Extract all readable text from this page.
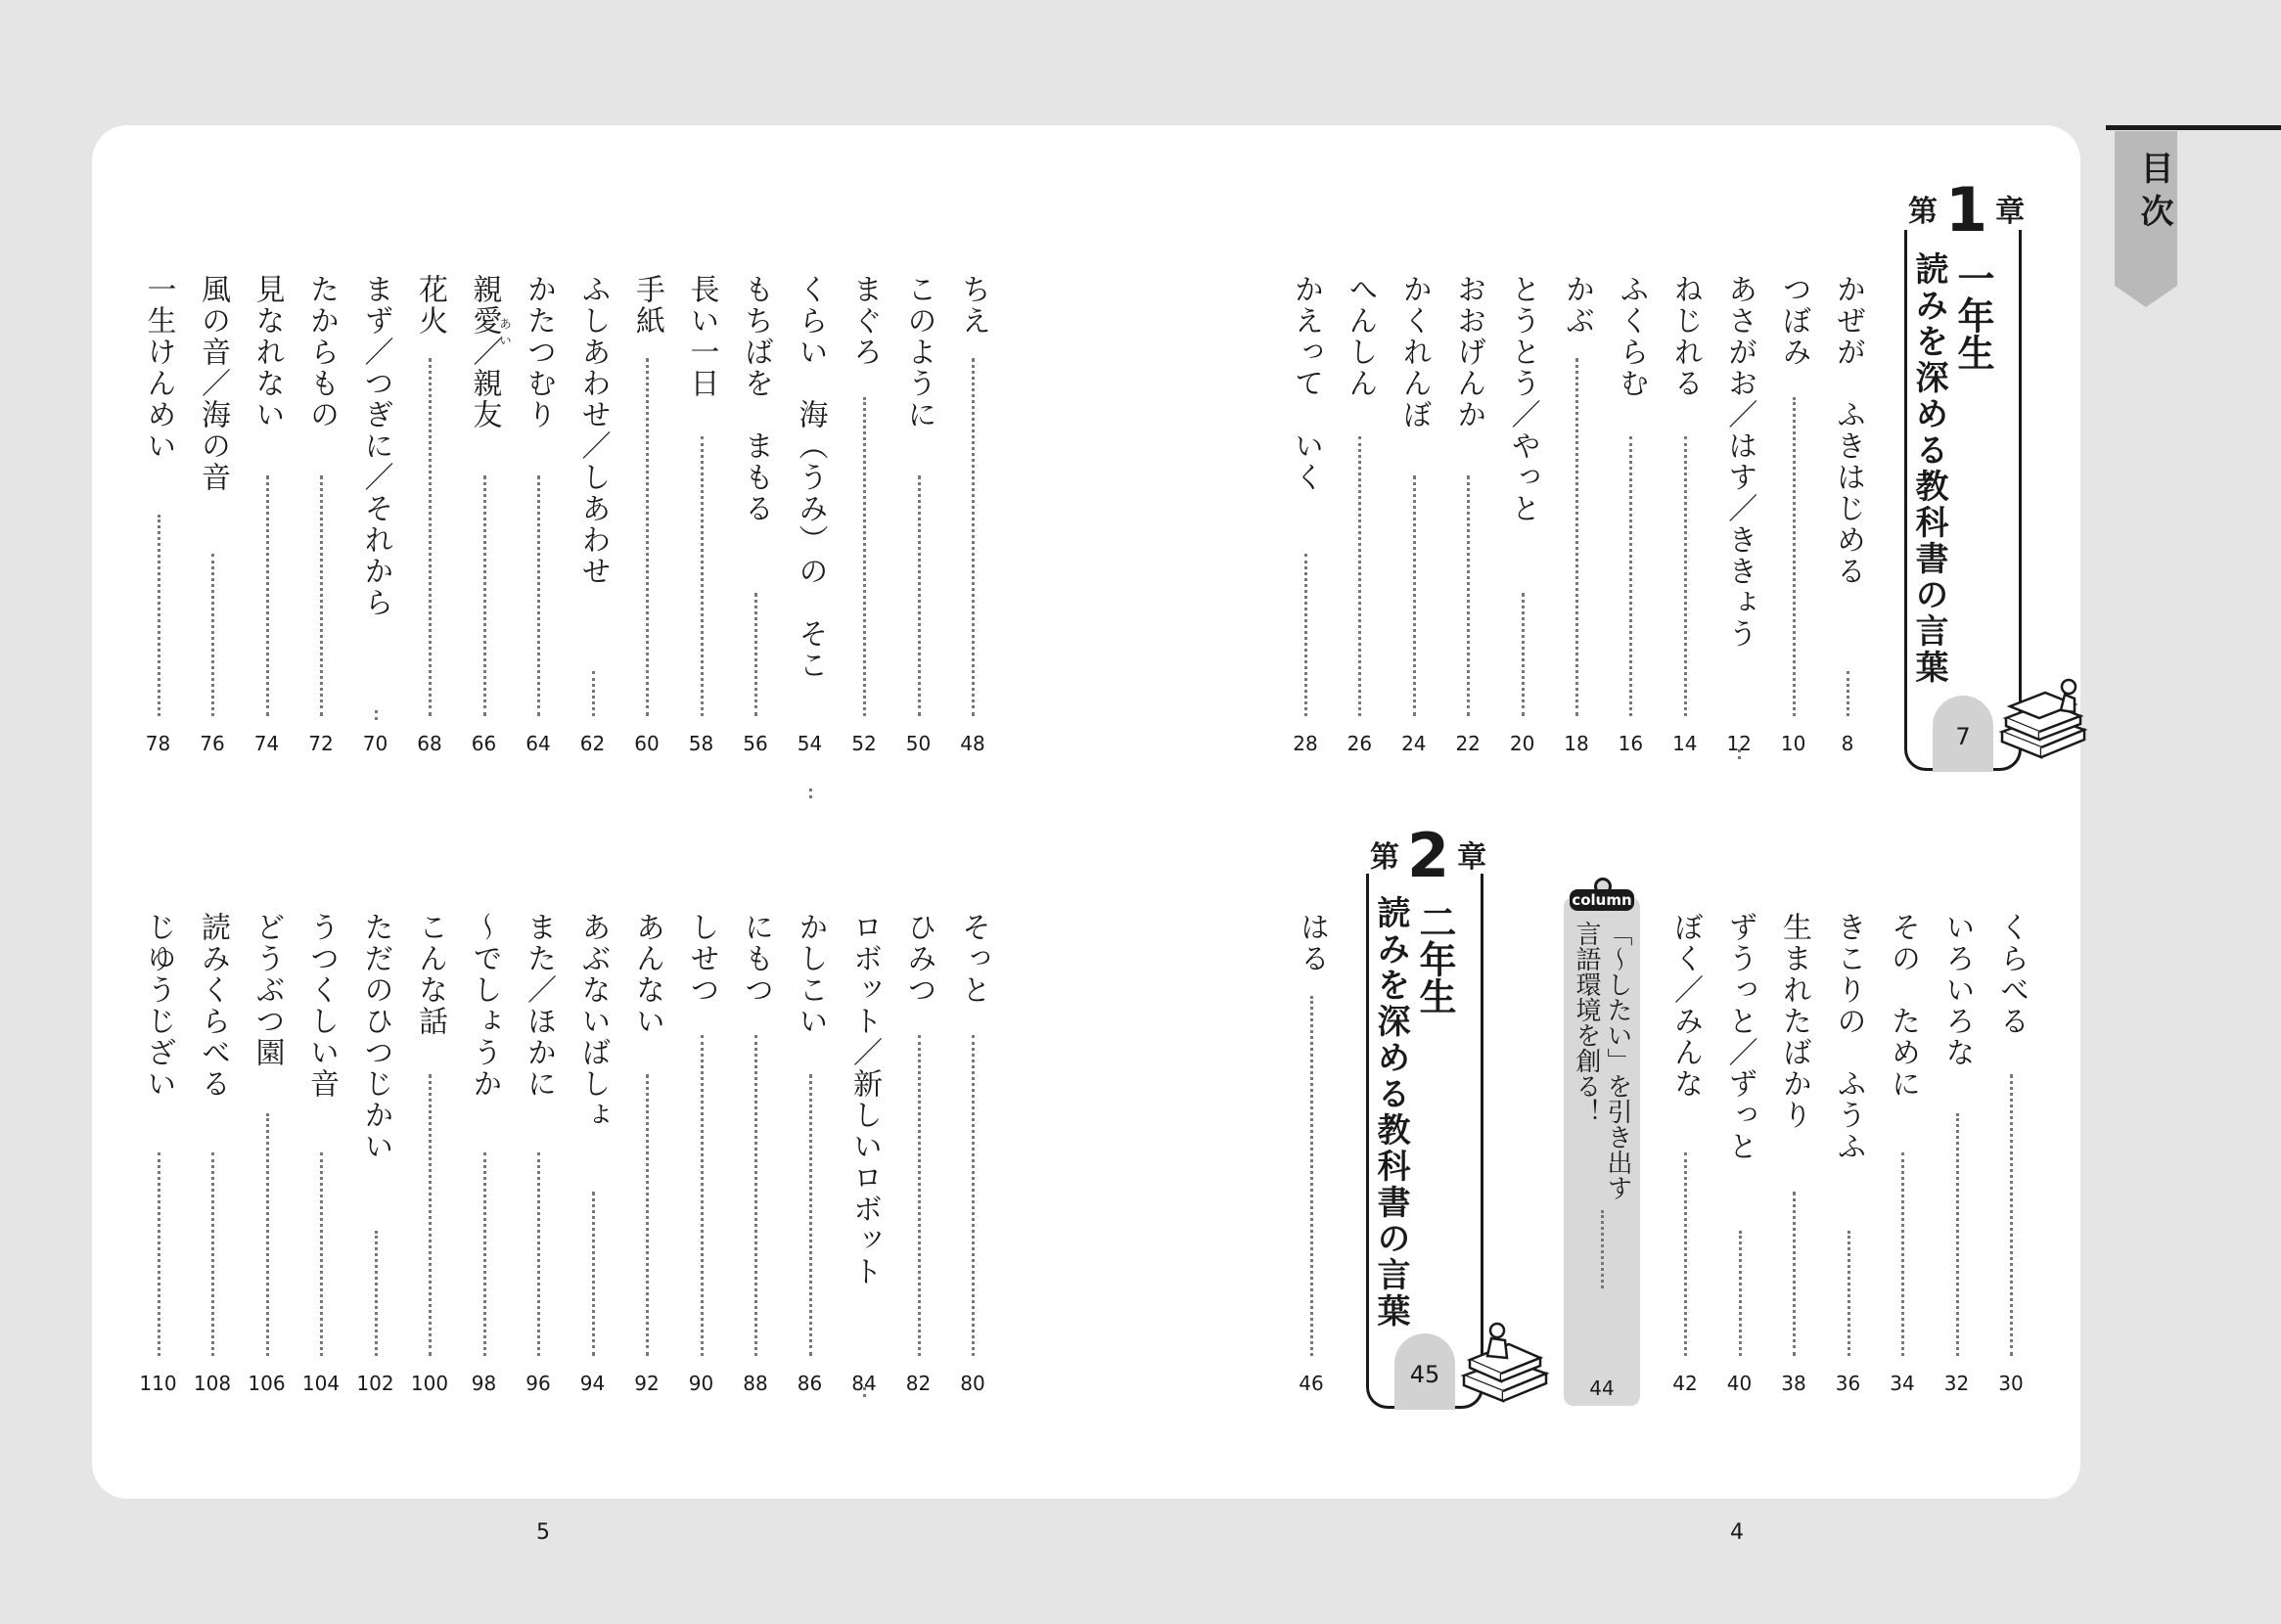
目次
第 1 章
一年生
読みを深める教科書の言葉
7
第 2 章
二年生
読みを深める教科書の言葉
45
column
「～したい」を引き出す
言語環境を創る！
44
かぜが　ふきはじめる
8
つぼみ
10
あさがお／はす／ききょう
12
ねじれる
14
ふくらむ
16
かぶ
18
とうとう／やっと
20
おおげんか
22
かくれんぼ
24
へんしん
26
かえって　いく
28
ちえ
48
このように
50
まぐろ
52
くらい　海（うみ）の　そこ
54
もちばを　まもる
56
長い一日
58
手紙
60
ふしあわせ／しあわせ
62
かたつむり
64
親愛／親友
66
あい
花火
68
まず／つぎに／それから
70
たからもの
72
見なれない
74
風の音／海の音
76
一生けんめい
78
くらべる
30
いろいろな
32
その　ために
34
きこりの　ふうふ
36
生まれたばかり
38
ずうっと／ずっと
40
ぼく／みんな
42
はる
46
そっと
80
ひみつ
82
ロボット／新しいロボット
84
かしこい
86
にもつ
88
しせつ
90
あんない
92
あぶないばしょ
94
また／ほかに
96
～でしょうか
98
こんな話
100
ただのひつじかい
102
うつくしい音
104
どうぶつ園
106
読みくらべる
108
じゆうじざい
110
5	4
